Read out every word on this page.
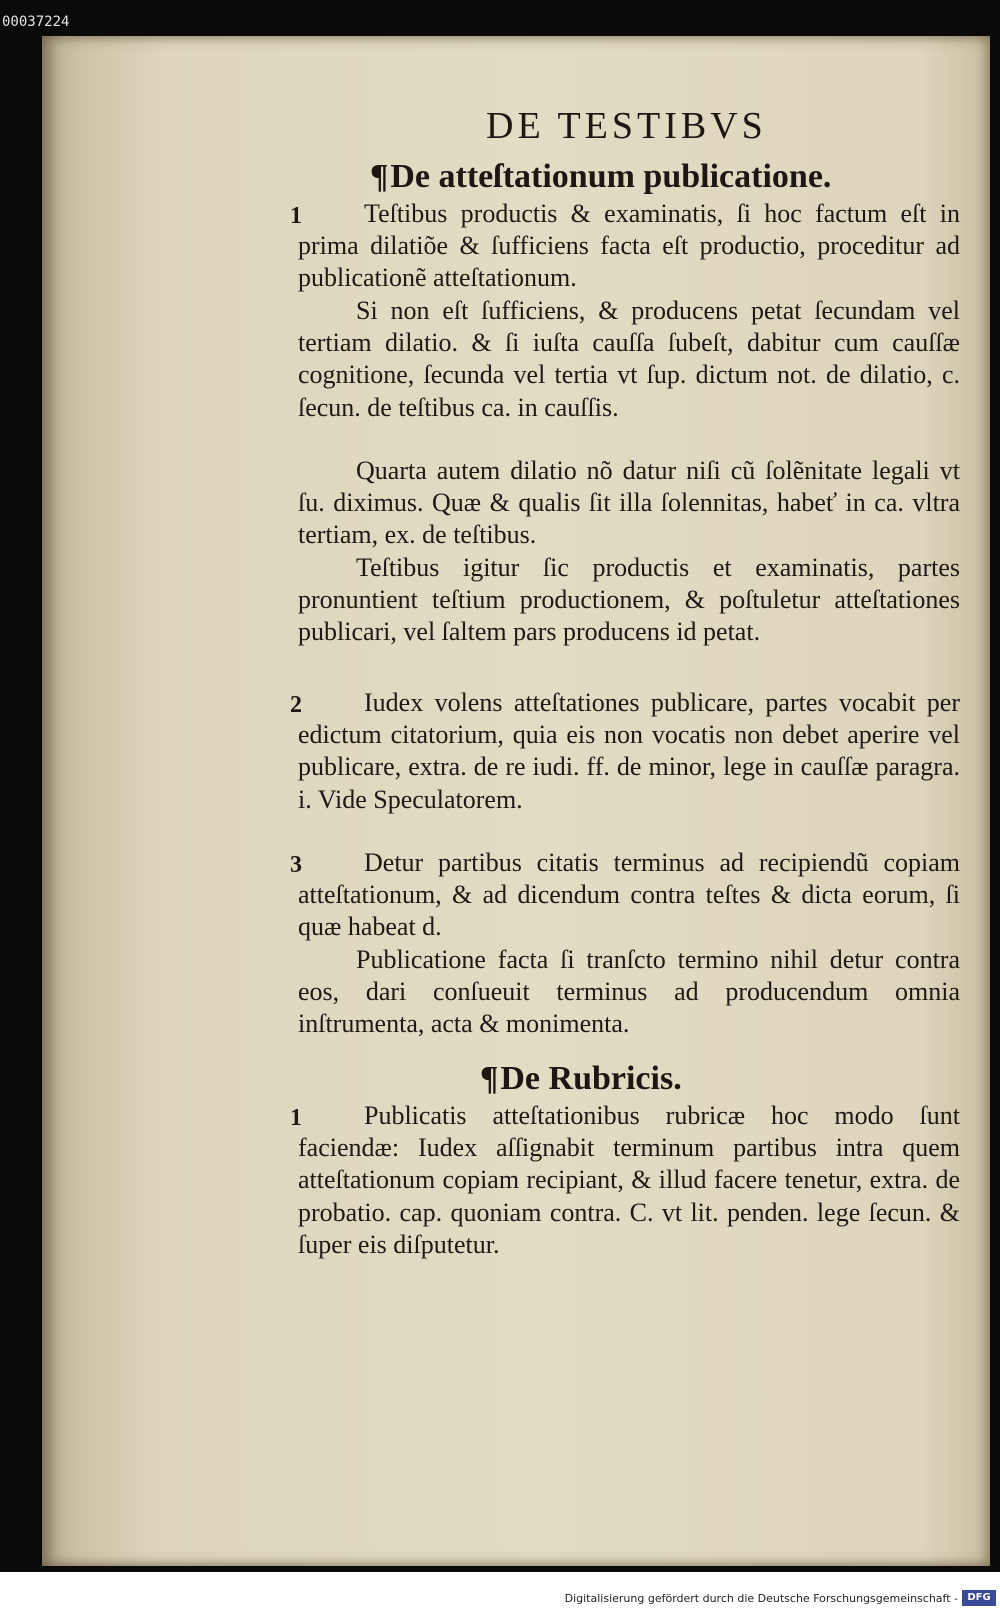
00037224
DE TESTIBVS
¶De atteſtationum publicatione.
1	Teſtibus productis & examinatis, ſi hoc factum eſt in prima dilatiõe & ſufficiens facta eſt productio, proceditur ad publicationẽ atteſtationum.
Si non eſt ſufficiens, & producens petat ſecundam vel tertiam dilatio. & ſi iuſta cauſſa ſubeſt, dabitur cum cauſſæ cognitione, ſecunda vel tertia vt ſup. dictum not. de dilatio, c. ſecun. de teſtibus ca. in cauſſis.
Quarta autem dilatio nõ datur niſi cũ ſolẽnitate legali vt ſu. diximus. Quæ & qualis ſit illa ſolennitas, habeť in ca. vltra tertiam, ex. de teſtibus.
Teſtibus igitur ſic productis et examinatis, partes pronuntient teſtium productionem, & poſtuletur atteſtationes publicari, vel ſaltem pars producens id petat.
2	Iudex volens atteſtationes publicare, partes vocabit per edictum citatorium, quia eis non vocatis non debet aperire vel publicare, extra. de re iudi. ff. de minor, lege in cauſſæ paragra. i. Vide Speculatorem.
3	Detur partibus citatis terminus ad recipiendũ copiam atteſtationum, & ad dicendum contra teſtes & dicta eorum, ſi quæ habeat d.
Publicatione facta ſi tranſcto termino nihil detur contra eos, dari conſueuit terminus ad producendum omnia inſtrumenta, acta & monimenta.
¶De Rubricis.
1	Publicatis atteſtationibus rubricæ hoc modo ſunt faciendæ: Iudex aſſignabit terminum partibus intra quem atteſtationum copiam recipiant, & illud facere tenetur, extra. de probatio. cap. quoniam contra. C. vt lit. penden. lege ſecun. & ſuper eis diſputetur.
Digitalisierung gefördert durch die Deutsche Forschungsgemeinschaft - DFG
